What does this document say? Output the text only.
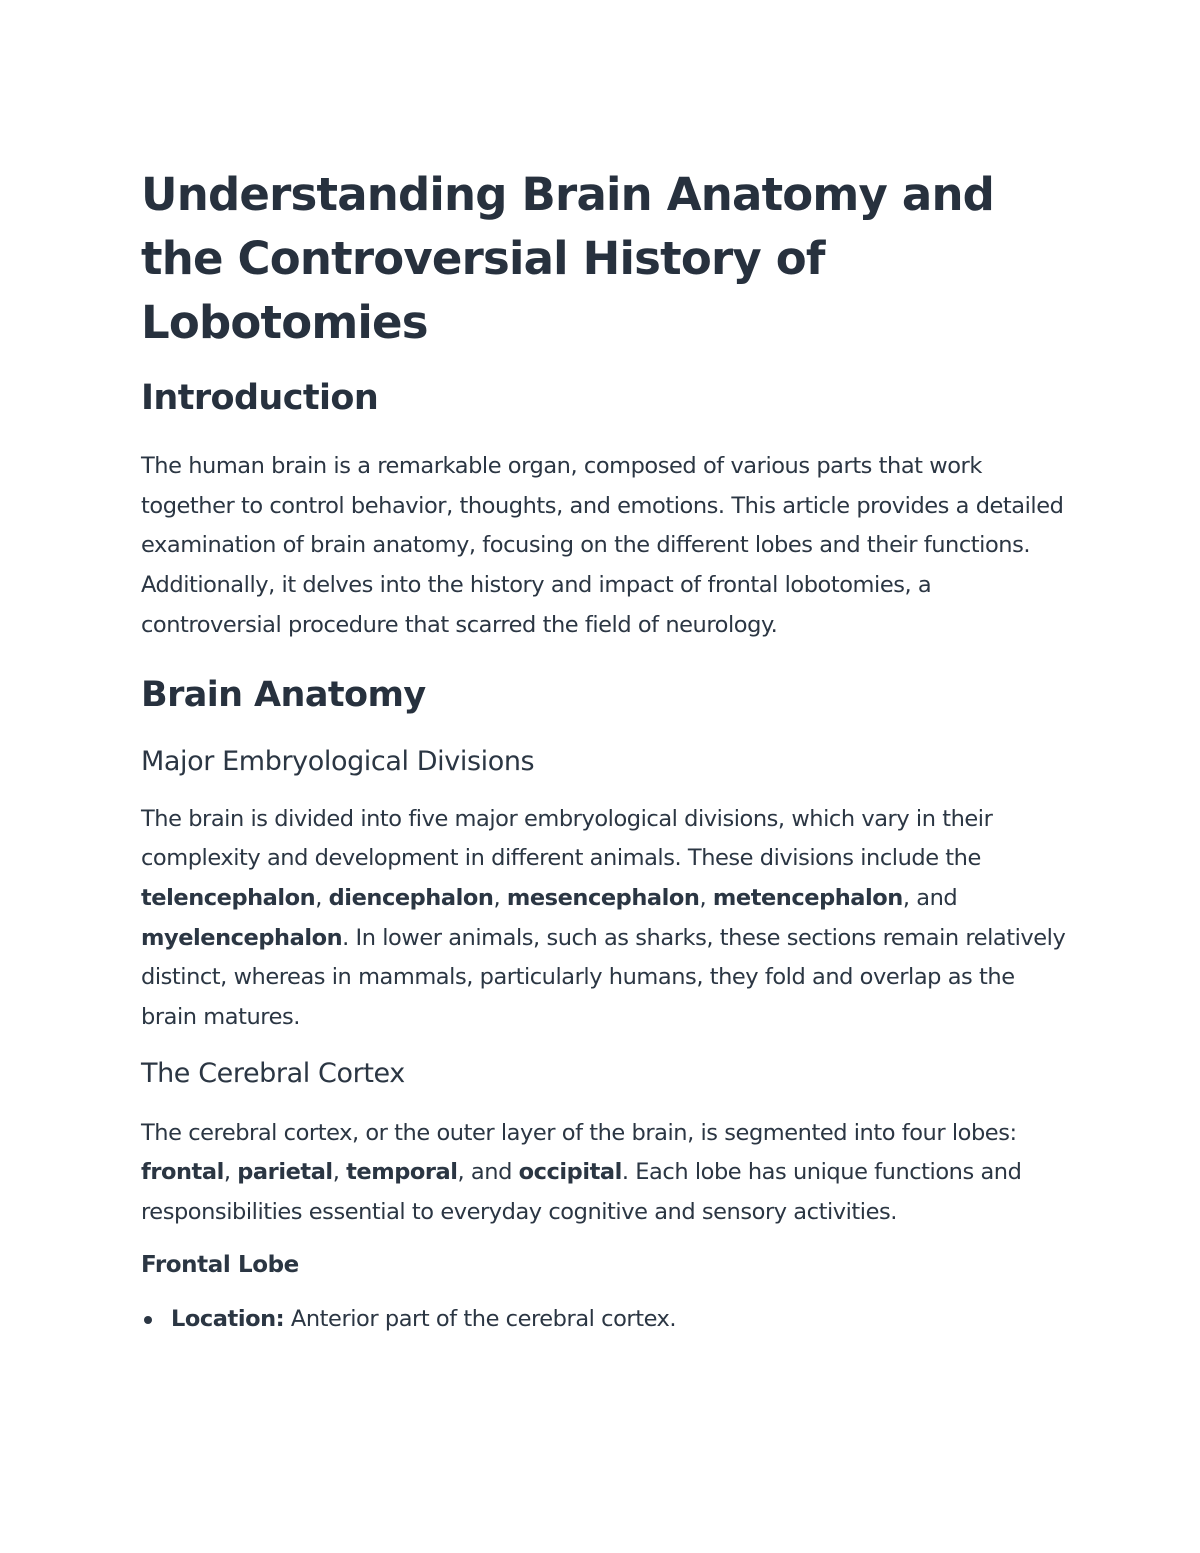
Understanding Brain Anatomy and the Controversial History of Lobotomies
Introduction

The human brain is a remarkable organ, composed of various parts that work together to control behavior, thoughts, and emotions. This article provides a detailed examination of brain anatomy, focusing on the different lobes and their functions. Additionally, it delves into the history and impact of frontal lobotomies, a controversial procedure that scarred the field of neurology.

Brain Anatomy
Major Embryological Divisions

The brain is divided into five major embryological divisions, which vary in their complexity and development in different animals. These divisions include the telencephalon, diencephalon, mesencephalon, metencephalon, and myelencephalon. In lower animals, such as sharks, these sections remain relatively distinct, whereas in mammals, particularly humans, they fold and overlap as the brain matures.

The Cerebral Cortex

The cerebral cortex, or the outer layer of the brain, is segmented into four lobes: frontal, parietal, temporal, and occipital. Each lobe has unique functions and responsibilities essential to everyday cognitive and sensory activities.

Frontal Lobe
Location: Anterior part of the cerebral cortex.
